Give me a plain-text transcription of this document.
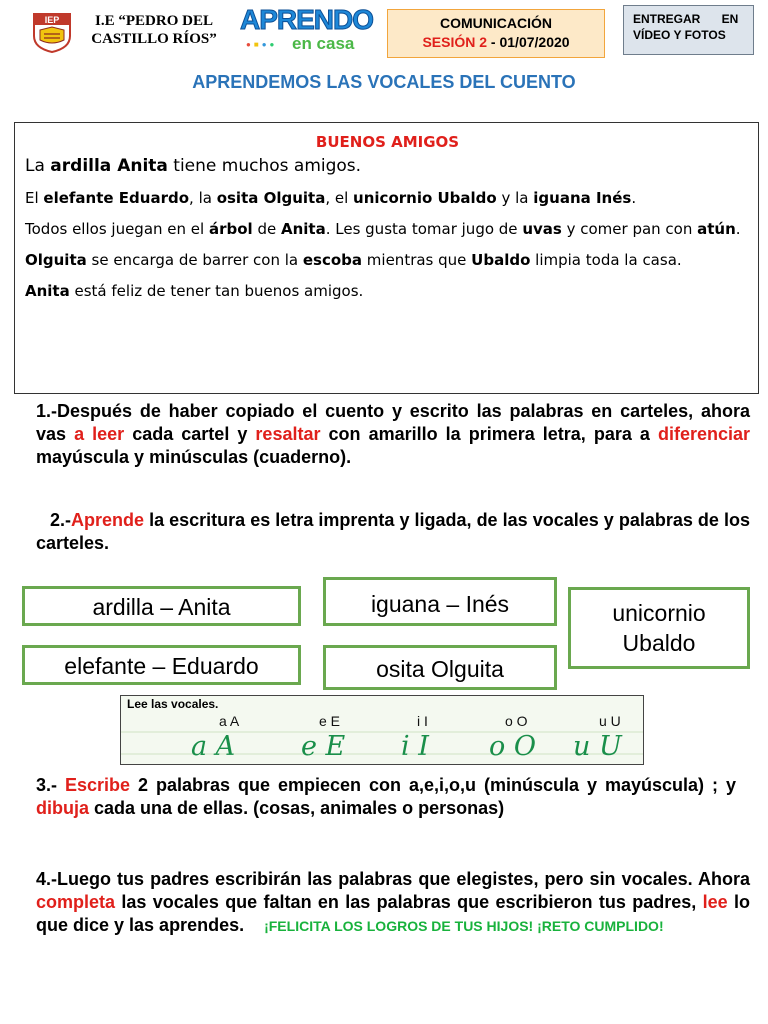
IEP	I.E “PEDRO DEL
CASTILLO RÍOS”
APRENDO
●■●● en casa
COMUNICACIÓN
SESIÓN 2 - 01/07/2020
ENTREGAR EN
VÍDEO Y FOTOS
APRENDEMOS LAS VOCALES DEL CUENTO
BUENOS AMIGOS

La ardilla Anita tiene muchos amigos.

El elefante Eduardo, la osita Olguita, el unicornio Ubaldo y la iguana Inés.

Todos ellos juegan en el árbol de Anita. Les gusta tomar jugo de uvas y comer pan con atún.

Olguita se encarga de barrer con la escoba mientras que Ubaldo limpia toda la casa.

Anita está feliz de tener tan buenos amigos.

1.-Después de haber copiado el cuento y escrito las palabras en carteles, ahora vas a leer cada cartel y resaltar con amarillo la primera letra, para a diferenciar mayúscula y minúsculas (cuaderno).
2.-Aprende la escritura es letra imprenta y ligada, de las vocales y palabras de los carteles.
ardilla – Anita	iguana – Inés	unicornio
Ubaldo
elefante – Eduardo	osita Olguita
Lee las vocales.
a A	e E	i I	o O	u U
a A e E i I o O u U
3.- Escribe 2 palabras que empiecen con a,e,i,o,u (minúscula y mayúscula) ; y dibuja cada una de ellas. (cosas, animales o personas)
4.-Luego tus padres escribirán las palabras que elegistes, pero sin vocales. Ahora completa las vocales que faltan en las palabras que escribieron tus padres, lee lo que dice y las aprendes. ¡FELICITA LOS LOGROS DE TUS HIJOS! ¡RETO CUMPLIDO!
